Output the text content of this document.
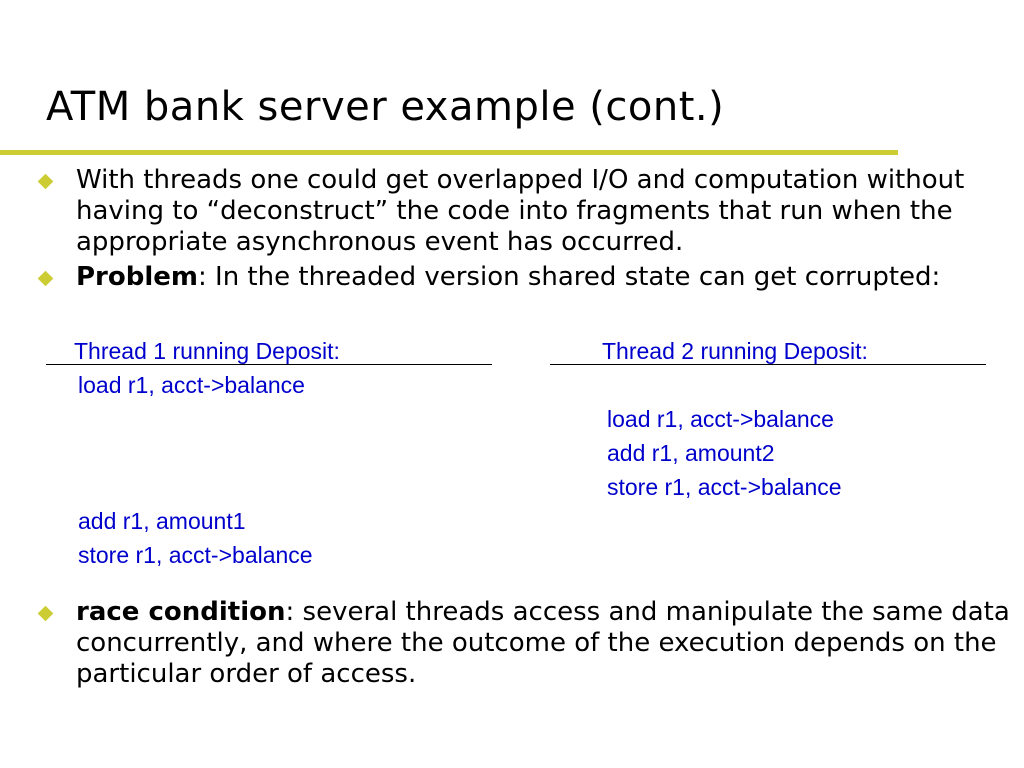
ATM bank server example (cont.)
With threads one could get overlapped I/O and computation without having to “deconstruct” the code into fragments that run when the appropriate asynchronous event has occurred.
Problem: In the threaded version shared state can get corrupted:
Thread 1 running Deposit:	Thread 2 running Deposit:
load r1, acct->balance
load r1, acct->balance
add r1, amount2
store r1, acct->balance
add r1, amount1
store r1, acct->balance
race condition: several threads access and manipulate the same data concurrently, and where the outcome of the execution depends on the particular order of access.
